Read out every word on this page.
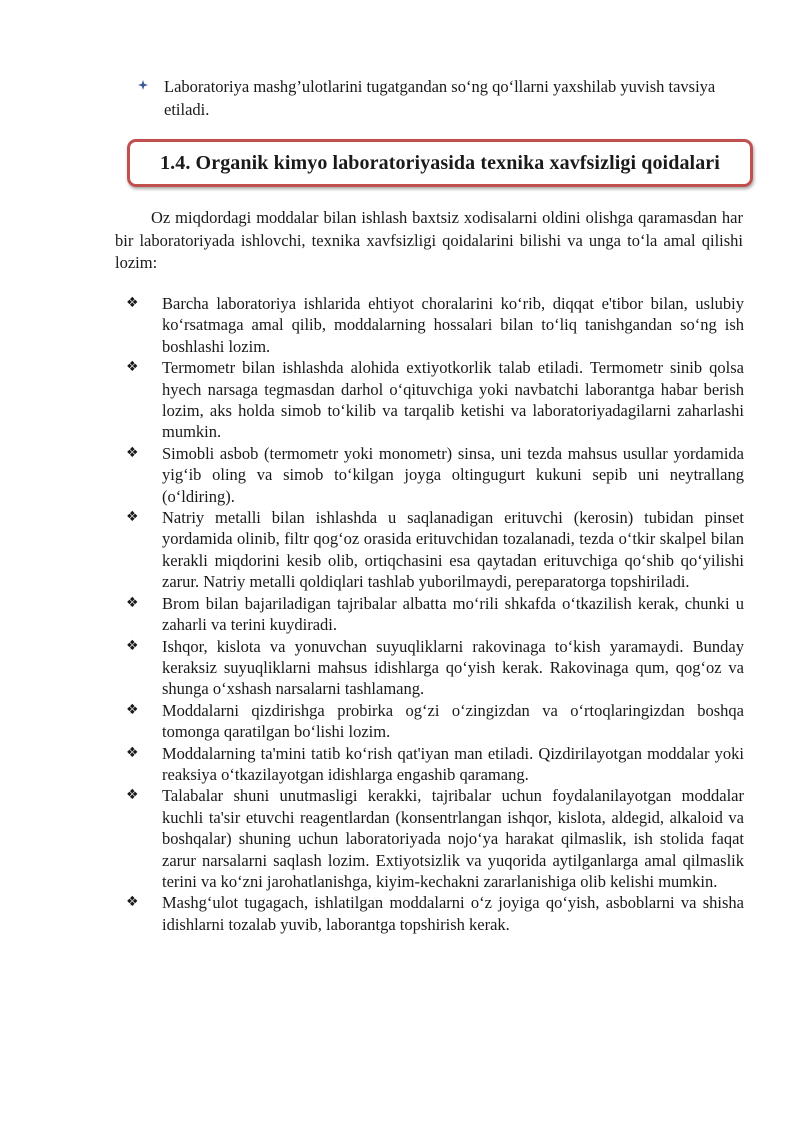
Laboratoriya mashg’ulotlarini tugatgandan so‘ng qo‘llarni yaxshilab yuvish tavsiya etiladi.
1.4. Organik kimyo laboratoriyasida texnika xavfsizligi qoidalari

Oz miqdordagi moddalar bilan ishlash baxtsiz xodisalarni oldini olishga qaramasdan har bir laboratoriyada ishlovchi, texnika xavfsizligi qoidalarini bilishi va unga to‘la amal qilishi lozim:

❖ Barcha laboratoriya ishlarida ehtiyot choralarini ko‘rib, diqqat e'tibor bilan, uslubiy ko‘rsatmaga amal qilib, moddalarning hossalari bilan to‘liq tanishgandan so‘ng ish boshlashi lozim.
❖ Termometr bilan ishlashda alohida extiyotkorlik talab etiladi. Termometr sinib qolsa hyech narsaga tegmasdan darhol o‘qituvchiga yoki navbatchi laborantga habar berish lozim, aks holda simob to‘kilib va tarqalib ketishi va laboratoriyadagilarni zaharlashi mumkin.
❖ Simobli asbob (termometr yoki monometr) sinsa, uni tezda mahsus usullar yordamida yig‘ib oling va simob to‘kilgan joyga oltingugurt kukuni sepib uni neytrallang (o‘ldiring).
❖ Natriy metalli bilan ishlashda u saqlanadigan erituvchi (kerosin) tubidan pinset yordamida olinib, filtr qog‘oz orasida erituvchidan tozalanadi, tezda o‘tkir skalpel bilan kerakli miqdorini kesib olib, ortiqchasini esa qaytadan erituvchiga qo‘shib qo‘yilishi zarur. Natriy metalli qoldiqlari tashlab yuborilmaydi, pereparatorga topshiriladi.
❖ Brom bilan bajariladigan tajribalar albatta mo‘rili shkafda o‘tkazilish kerak, chunki u zaharli va terini kuydiradi.
❖ Ishqor, kislota va yonuvchan suyuqliklarni rakovinaga to‘kish yaramaydi. Bunday keraksiz suyuqliklarni mahsus idishlarga qo‘yish kerak. Rakovinaga qum, qog‘oz va shunga o‘xshash narsalarni tashlamang.
❖ Moddalarni qizdirishga probirka og‘zi o‘zingizdan va o‘rtoqlaringizdan boshqa tomonga qaratilgan bo‘lishi lozim.
❖ Moddalarning ta'mini tatib ko‘rish qat'iyan man etiladi. Qizdirilayotgan moddalar yoki reaksiya o‘tkazilayotgan idishlarga engashib qaramang.
❖ Talabalar shuni unutmasligi kerakki, tajribalar uchun foydalanilayotgan moddalar kuchli ta'sir etuvchi reagentlardan (konsentrlangan ishqor, kislota, aldegid, alkaloid va boshqalar) shuning uchun laboratoriyada nojo‘ya harakat qilmaslik, ish stolida faqat zarur narsalarni saqlash lozim. Extiyotsizlik va yuqorida aytilganlarga amal qilmaslik terini va ko‘zni jarohatlanishga, kiyim-kechakni zararlanishiga olib kelishi mumkin.
❖ Mashg‘ulot tugagach, ishlatilgan moddalarni o‘z joyiga qo‘yish, asboblarni va shisha idishlarni tozalab yuvib, laborantga topshirish kerak.
